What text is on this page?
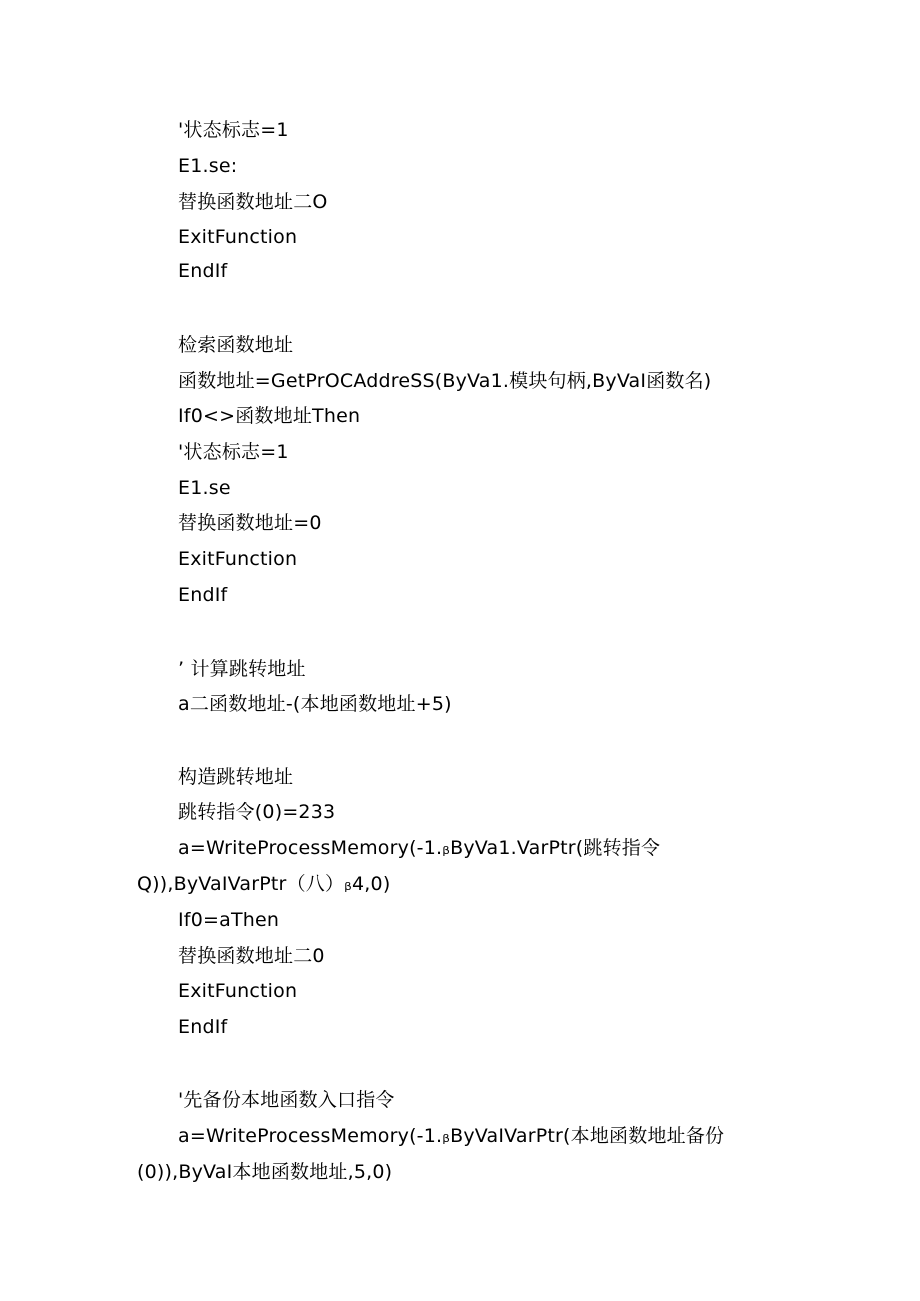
'状态标志=1
E1.se:
替换函数地址二O
ExitFunction
EndIf
检索函数地址
函数地址=GetPrOCAddreSS(ByVa1.模块句柄,ByVaI函数名)
If0<>函数地址Then
'状态标志=1
E1.se
替换函数地址=0
ExitFunction
EndIf
’ 计算跳转地址
a二函数地址-(本地函数地址+5)
构造跳转地址
跳转指令(0)=233
a=WriteProcessMemory(-1.ᵦByVa1.VarPtr(跳转指令
Q)),ByVaIVarPtr（八）ᵦ4,0)
If0=aThen
替换函数地址二0
ExitFunction
EndIf
'先备份本地函数入口指令
a=WriteProcessMemory(-1.ᵦByVaIVarPtr(本地函数地址备份
(0)),ByVaI本地函数地址,5,0)
